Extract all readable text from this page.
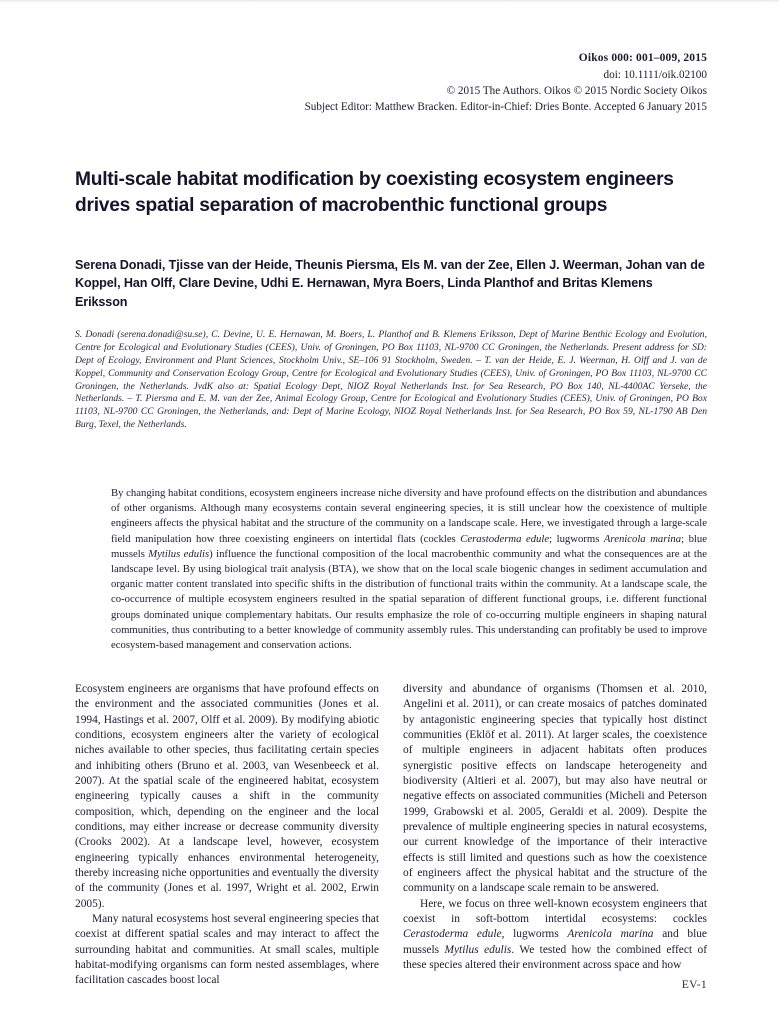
Oikos 000: 001–009, 2015
doi: 10.1111/oik.02100
© 2015 The Authors. Oikos © 2015 Nordic Society Oikos
Subject Editor: Matthew Bracken. Editor-in-Chief: Dries Bonte. Accepted 6 January 2015
Multi-scale habitat modification by coexisting ecosystem engineers drives spatial separation of macrobenthic functional groups
Serena Donadi, Tjisse van der Heide, Theunis Piersma, Els M. van der Zee, Ellen J. Weerman, Johan van de Koppel, Han Olff, Clare Devine, Udhi E. Hernawan, Myra Boers, Linda Planthof and Britas Klemens Eriksson

S. Donadi (serena.donadi@su.se), C. Devine, U. E. Hernawan, M. Boers, L. Planthof and B. Klemens Eriksson, Dept of Marine Benthic Ecology and Evolution, Centre for Ecological and Evolutionary Studies (CEES), Univ. of Groningen, PO Box 11103, NL-9700 CC Groningen, the Netherlands. Present address for SD: Dept of Ecology, Environment and Plant Sciences, Stockholm Univ., SE–106 91 Stockholm, Sweden. – T. van der Heide, E. J. Weerman, H. Olff and J. van de Koppel, Community and Conservation Ecology Group, Centre for Ecological and Evolutionary Studies (CEES), Univ. of Groningen, PO Box 11103, NL-9700 CC Groningen, the Netherlands. JvdK also at: Spatial Ecology Dept, NIOZ Royal Netherlands Inst. for Sea Research, PO Box 140, NL-4400AC Yerseke, the Netherlands. – T. Piersma and E. M. van der Zee, Animal Ecology Group, Centre for Ecological and Evolutionary Studies (CEES), Univ. of Groningen, PO Box 11103, NL-9700 CC Groningen, the Netherlands, and: Dept of Marine Ecology, NIOZ Royal Netherlands Inst. for Sea Research, PO Box 59, NL-1790 AB Den Burg, Texel, the Netherlands.

By changing habitat conditions, ecosystem engineers increase niche diversity and have profound effects on the distribution and abundances of other organisms. Although many ecosystems contain several engineering species, it is still unclear how the coexistence of multiple engineers affects the physical habitat and the structure of the community on a landscape scale. Here, we investigated through a large-scale field manipulation how three coexisting engineers on intertidal flats (cockles Cerastoderma edule; lugworms Arenicola marina; blue mussels Mytilus edulis) influence the functional composition of the local macrobenthic community and what the consequences are at the landscape level. By using biological trait analysis (BTA), we show that on the local scale biogenic changes in sediment accumulation and organic matter content translated into specific shifts in the distribution of functional traits within the community. At a landscape scale, the co-occurrence of multiple ecosystem engineers resulted in the spatial separation of different functional groups, i.e. different functional groups dominated unique complementary habitats. Our results emphasize the role of co-occurring multiple engineers in shaping natural communities, thus contributing to a better knowledge of community assembly rules. This understanding can profitably be used to improve ecosystem-based management and conservation actions.

Ecosystem engineers are organisms that have profound effects on the environment and the associated communities (Jones et al. 1994, Hastings et al. 2007, Olff et al. 2009). By modifying abiotic conditions, ecosystem engineers alter the variety of ecological niches available to other species, thus facilitating certain species and inhibiting others (Bruno et al. 2003, van Wesenbeeck et al. 2007). At the spatial scale of the engineered habitat, ecosystem engineering typically causes a shift in the community composition, which, depending on the engineer and the local conditions, may either increase or decrease community diversity (Crooks 2002). At a landscape level, however, ecosystem engineering typically enhances environmental heterogeneity, thereby increasing niche opportunities and eventually the diversity of the community (Jones et al. 1997, Wright et al. 2002, Erwin 2005).

Many natural ecosystems host several engineering species that coexist at different spatial scales and may interact to affect the surrounding habitat and communities. At small scales, multiple habitat-modifying organisms can form nested assemblages, where facilitation cascades boost local

diversity and abundance of organisms (Thomsen et al. 2010, Angelini et al. 2011), or can create mosaics of patches dominated by antagonistic engineering species that typically host distinct communities (Eklöf et al. 2011). At larger scales, the coexistence of multiple engineers in adjacent habitats often produces synergistic positive effects on landscape heterogeneity and biodiversity (Altieri et al. 2007), but may also have neutral or negative effects on associated communities (Micheli and Peterson 1999, Grabowski et al. 2005, Geraldi et al. 2009). Despite the prevalence of multiple engineering species in natural ecosystems, our current knowledge of the importance of their interactive effects is still limited and questions such as how the coexistence of engineers affect the physical habitat and the structure of the community on a landscape scale remain to be answered.

Here, we focus on three well-known ecosystem engineers that coexist in soft-bottom intertidal ecosystems: cockles Cerastoderma edule, lugworms Arenicola marina and blue mussels Mytilus edulis. We tested how the combined effect of these species altered their environment across space and how

EV-1
